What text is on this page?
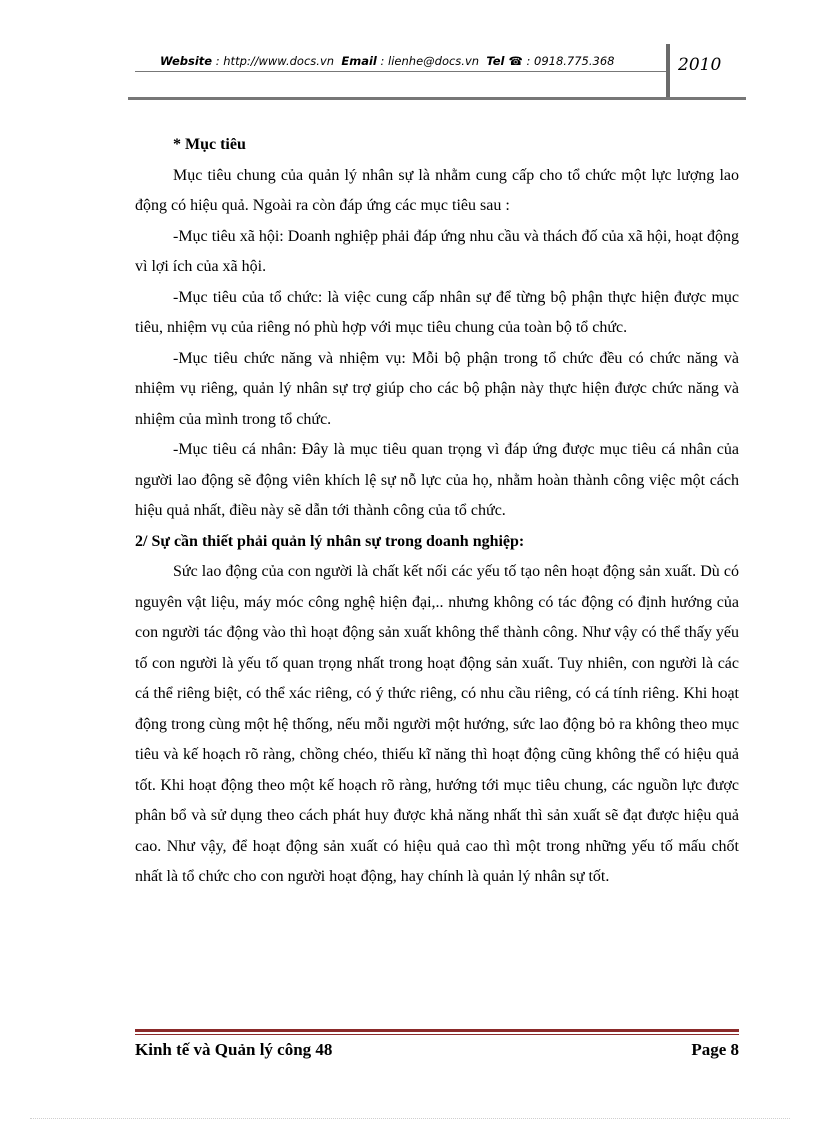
Website : http://www.docs.vn Email : lienhe@docs.vn Tel ☎ : 0918.775.368	2010

* Mục tiêu

Mục tiêu chung của quản lý nhân sự là nhằm cung cấp cho tổ chức một lực lượng lao động có hiệu quả. Ngoài ra còn đáp ứng các mục tiêu sau :

-Mục tiêu xã hội: Doanh nghiệp phải đáp ứng nhu cầu và thách đố của xã hội, hoạt động vì lợi ích của xã hội.

-Mục tiêu của tổ chức: là việc cung cấp nhân sự để từng bộ phận thực hiện được mục tiêu, nhiệm vụ của riêng nó phù hợp với mục tiêu chung của toàn bộ tổ chức.

-Mục tiêu chức năng và nhiệm vụ: Mỗi bộ phận trong tổ chức đều có chức năng và nhiệm vụ riêng, quản lý nhân sự trợ giúp cho các bộ phận này thực hiện được chức năng và nhiệm của mình trong tổ chức.

-Mục tiêu cá nhân: Đây là mục tiêu quan trọng vì đáp ứng được mục tiêu cá nhân của người lao động sẽ động viên khích lệ sự nỗ lực của họ, nhằm hoàn thành công việc một cách hiệu quả nhất, điều này sẽ dẫn tới thành công của tổ chức.

2/ Sự cần thiết phải quản lý nhân sự trong doanh nghiệp:

Sức lao động của con người là chất kết nối các yếu tố tạo nên hoạt động sản xuất. Dù có nguyên vật liệu, máy móc công nghệ hiện đại,.. nhưng không có tác động có định hướng của con người tác động vào thì hoạt động sản xuất không thể thành công. Như vậy có thể thấy yếu tố con người là yếu tố quan trọng nhất trong hoạt động sản xuất. Tuy nhiên, con người là các cá thể riêng biệt, có thể xác riêng, có ý thức riêng, có nhu cầu riêng, có cá tính riêng. Khi hoạt động trong cùng một hệ thống, nếu mỗi người một hướng, sức lao động bỏ ra không theo mục tiêu và kế hoạch rõ ràng, chồng chéo, thiếu kĩ năng thì hoạt động cũng không thể có hiệu quả tốt. Khi hoạt động theo một kế hoạch rõ ràng, hướng tới mục tiêu chung, các nguồn lực được phân bổ và sử dụng theo cách phát huy được khả năng nhất thì sản xuất sẽ đạt được hiệu quả cao. Như vậy, để hoạt động sản xuất có hiệu quả cao thì một trong những yếu tố mấu chốt nhất là tổ chức cho con người hoạt động, hay chính là quản lý nhân sự tốt.

Kinh tế và Quản lý công 48	Page 8
